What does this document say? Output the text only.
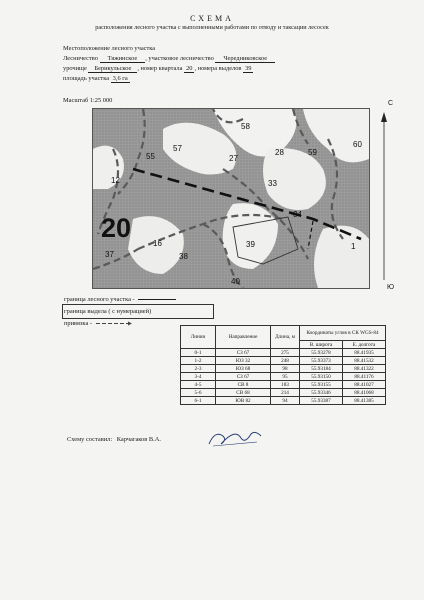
СХЕМА
расположения лесного участка с выполненными работами по отводу и таксации лесосек
Местоположение лесного участка
Лесничество Тяжинское , участковое лесничество Чередниковское
урочище Берикульское , номер квартала 20 , номера выделов 39
площадь участка 3,6 га
Масштаб 1:25 000	С
Ю
58
57
55	27
28	59
60
12	33
34
20
37
16
38
39
40
1
граница лесного участка -
граница выдела ( с нумерацией)
привязка -
Линии	Направление	Длина, м	Координаты углов в СК WGS-84	
			В. широта	Е. долгота
0-1	СЗ 67	275	55.93278	88.41935
1-2	ЮЗ 32	248	55.93373	88.41532
2-3	ЮЗ 68	98	55.93184	88.41322
3-4	СЗ 67	95	55.93150	88.41176
4-5	СВ 8	183	55.93155	88.41027
5-6	СВ 68	214	55.93346	88.41068
6-1	ЮВ 82	94	55.93387	88.41385
Схему составил: Карчагаков В.А.
